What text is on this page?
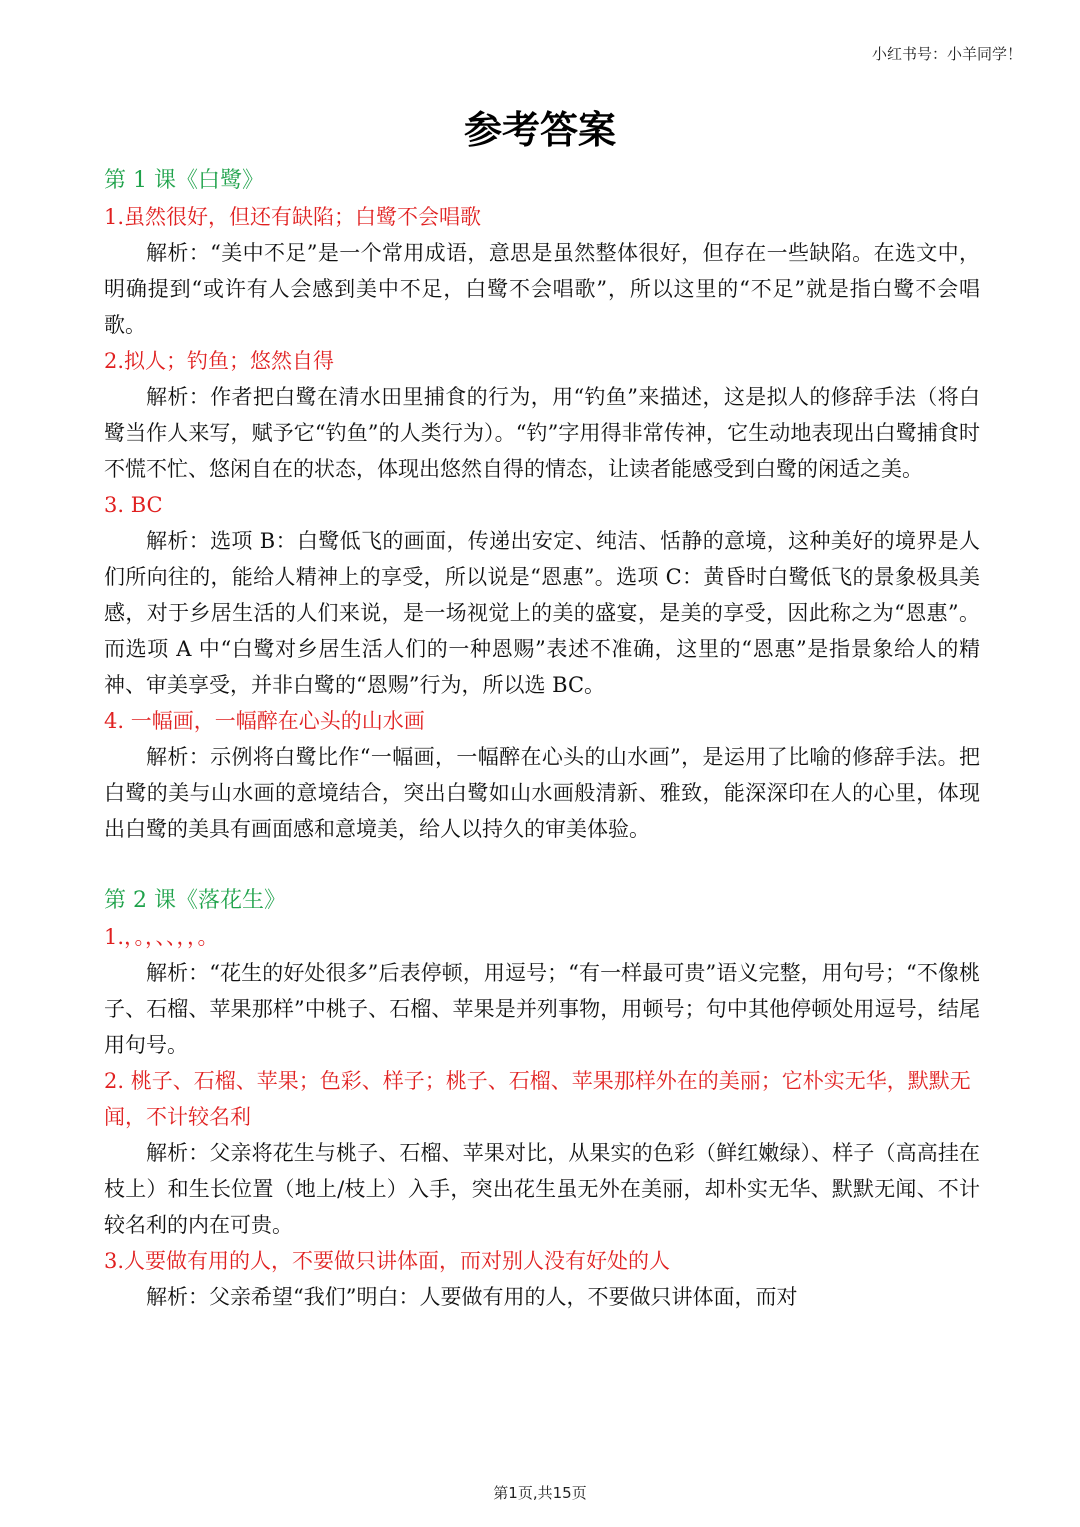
小红书号：小羊同学！
参考答案

第 1 课《白鹭》

1.虽然很好，但还有缺陷；白鹭不会唱歌

解析：“美中不足”是一个常用成语，意思是虽然整体很好，但存在一些缺陷。在选文中，明确提到“或许有人会感到美中不足，白鹭不会唱歌”，所以这里的“不足”就是指白鹭不会唱歌。

2.拟人；钓鱼；悠然自得

解析：作者把白鹭在清水田里捕食的行为，用“钓鱼”来描述，这是拟人的修辞手法（将白鹭当作人来写，赋予它“钓鱼”的人类行为）。“钓”字用得非常传神，它生动地表现出白鹭捕食时不慌不忙、悠闲自在的状态，体现出悠然自得的情态，让读者能感受到白鹭的闲适之美。

3. BC

解析：选项 B：白鹭低飞的画面，传递出安定、纯洁、恬静的意境，这种美好的境界是人们所向往的，能给人精神上的享受，所以说是“恩惠”。选项 C：黄昏时白鹭低飞的景象极具美感，对于乡居生活的人们来说，是一场视觉上的美的盛宴，是美的享受，因此称之为“恩惠”。而选项 A 中“白鹭对乡居生活人们的一种恩赐”表述不准确，这里的“恩惠”是指景象给人的精神、审美享受，并非白鹭的“恩赐”行为，所以选 BC。

4. 一幅画，一幅醉在心头的山水画

解析：示例将白鹭比作“一幅画，一幅醉在心头的山水画”，是运用了比喻的修辞手法。把白鹭的美与山水画的意境结合，突出白鹭如山水画般清新、雅致，能深深印在人的心里，体现出白鹭的美具有画面感和意境美，给人以持久的审美体验。

第 2 课《落花生》

1.，。，、、，，。

解析：“花生的好处很多”后表停顿，用逗号；“有一样最可贵”语义完整，用句号；“不像桃子、石榴、苹果那样”中桃子、石榴、苹果是并列事物，用顿号；句中其他停顿处用逗号，结尾用句号。

2. 桃子、石榴、苹果；色彩、样子；桃子、石榴、苹果那样外在的美丽；它朴实无华，默默无闻，不计较名利

解析：父亲将花生与桃子、石榴、苹果对比，从果实的色彩（鲜红嫩绿）、样子（高高挂在枝上）和生长位置（地上/枝上）入手，突出花生虽无外在美丽，却朴实无华、默默无闻、不计较名利的内在可贵。

3.人要做有用的人，不要做只讲体面，而对别人没有好处的人

解析：父亲希望“我们”明白：人要做有用的人，不要做只讲体面，而对

第1页,共15页
